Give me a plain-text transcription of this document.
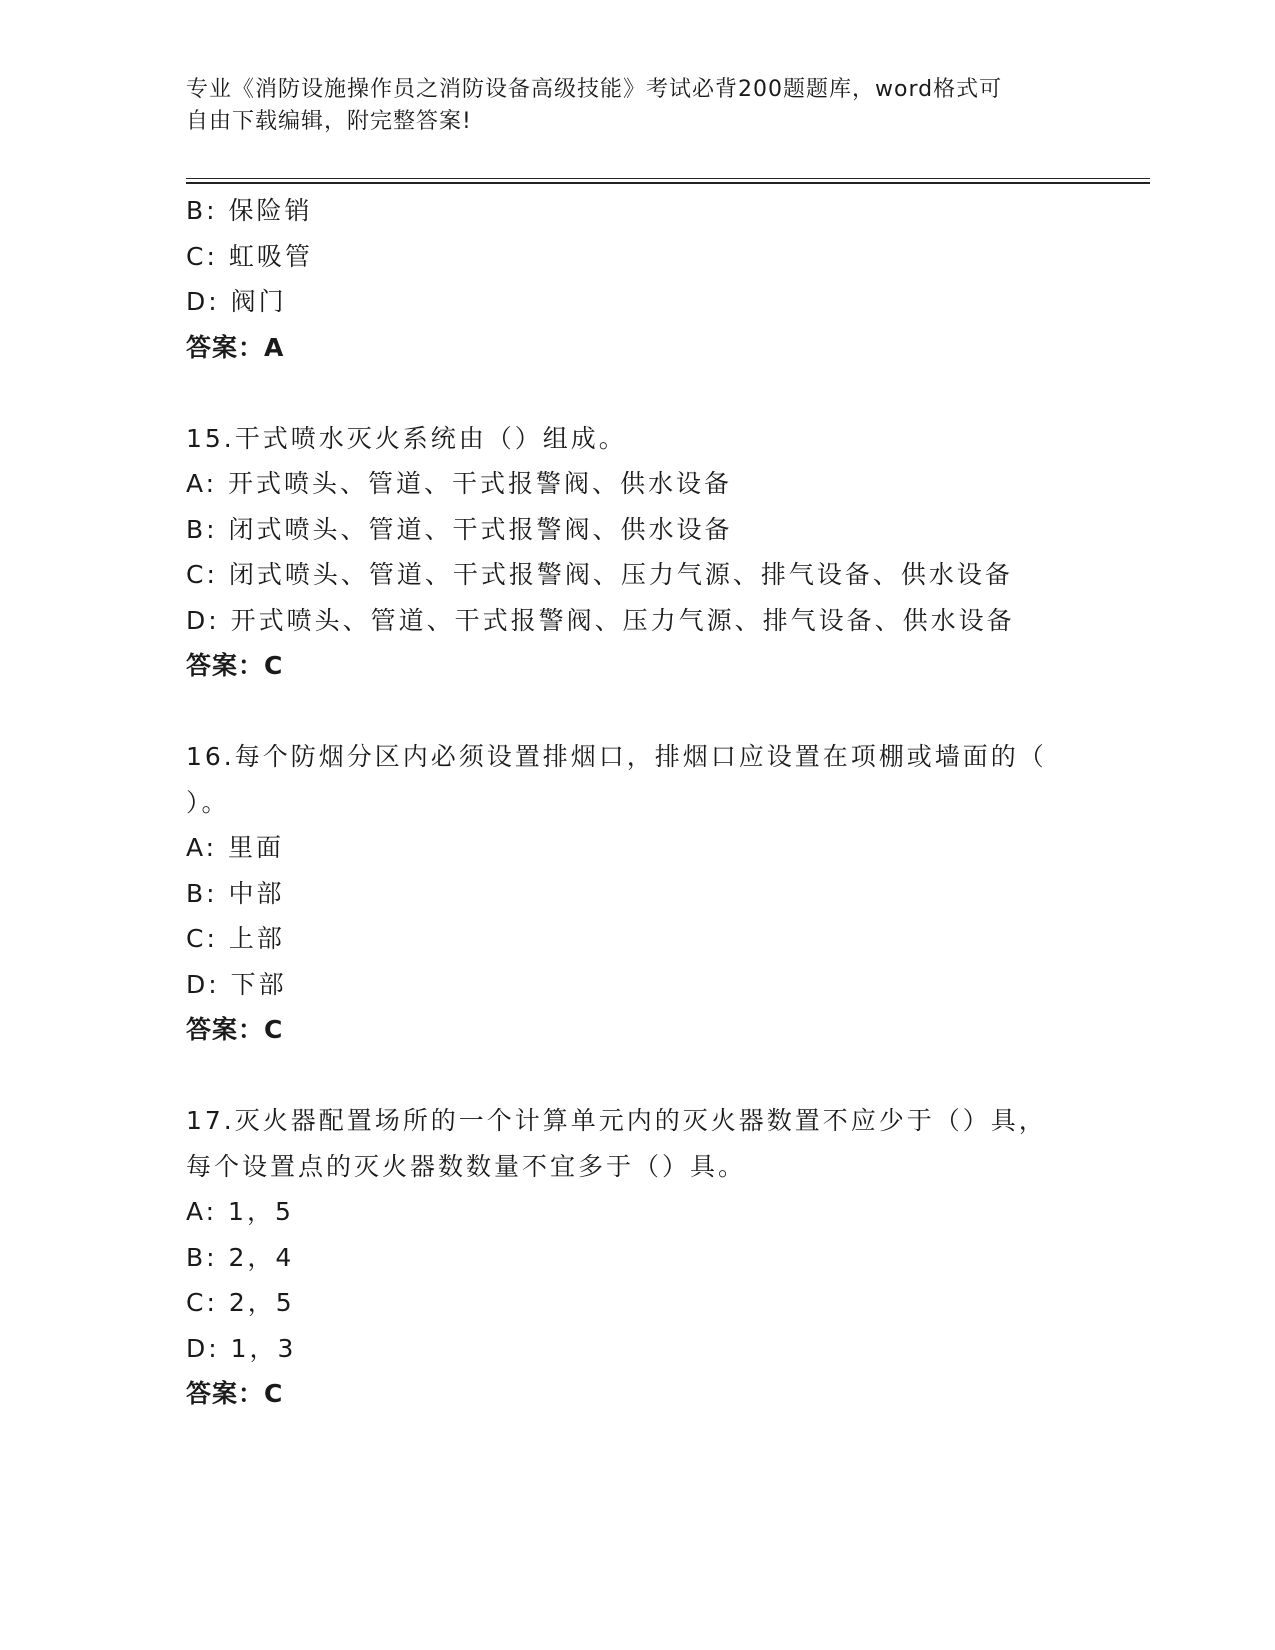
专业《消防设施操作员之消防设备高级技能》考试必背200题题库，word格式可
自由下载编辑，附完整答案!
B: 保险销
C: 虹吸管
D: 阀门
答案：A
15.干式喷水灭火系统由（）组成。
A: 开式喷头、管道、干式报警阀、供水设备
B: 闭式喷头、管道、干式报警阀、供水设备
C: 闭式喷头、管道、干式报警阀、压力气源、排气设备、供水设备
D: 开式喷头、管道、干式报警阀、压力气源、排气设备、供水设备
答案：C
16.每个防烟分区内必须设置排烟口，排烟口应设置在项棚或墙面的（
）。
A: 里面
B: 中部
C: 上部
D: 下部
答案：C
17.灭火器配置场所的一个计算单元内的灭火器数置不应少于（）具，
每个设置点的灭火器数数量不宜多于（）具。
A: 1，5
B: 2，4
C: 2，5
D: 1，3
答案：C
